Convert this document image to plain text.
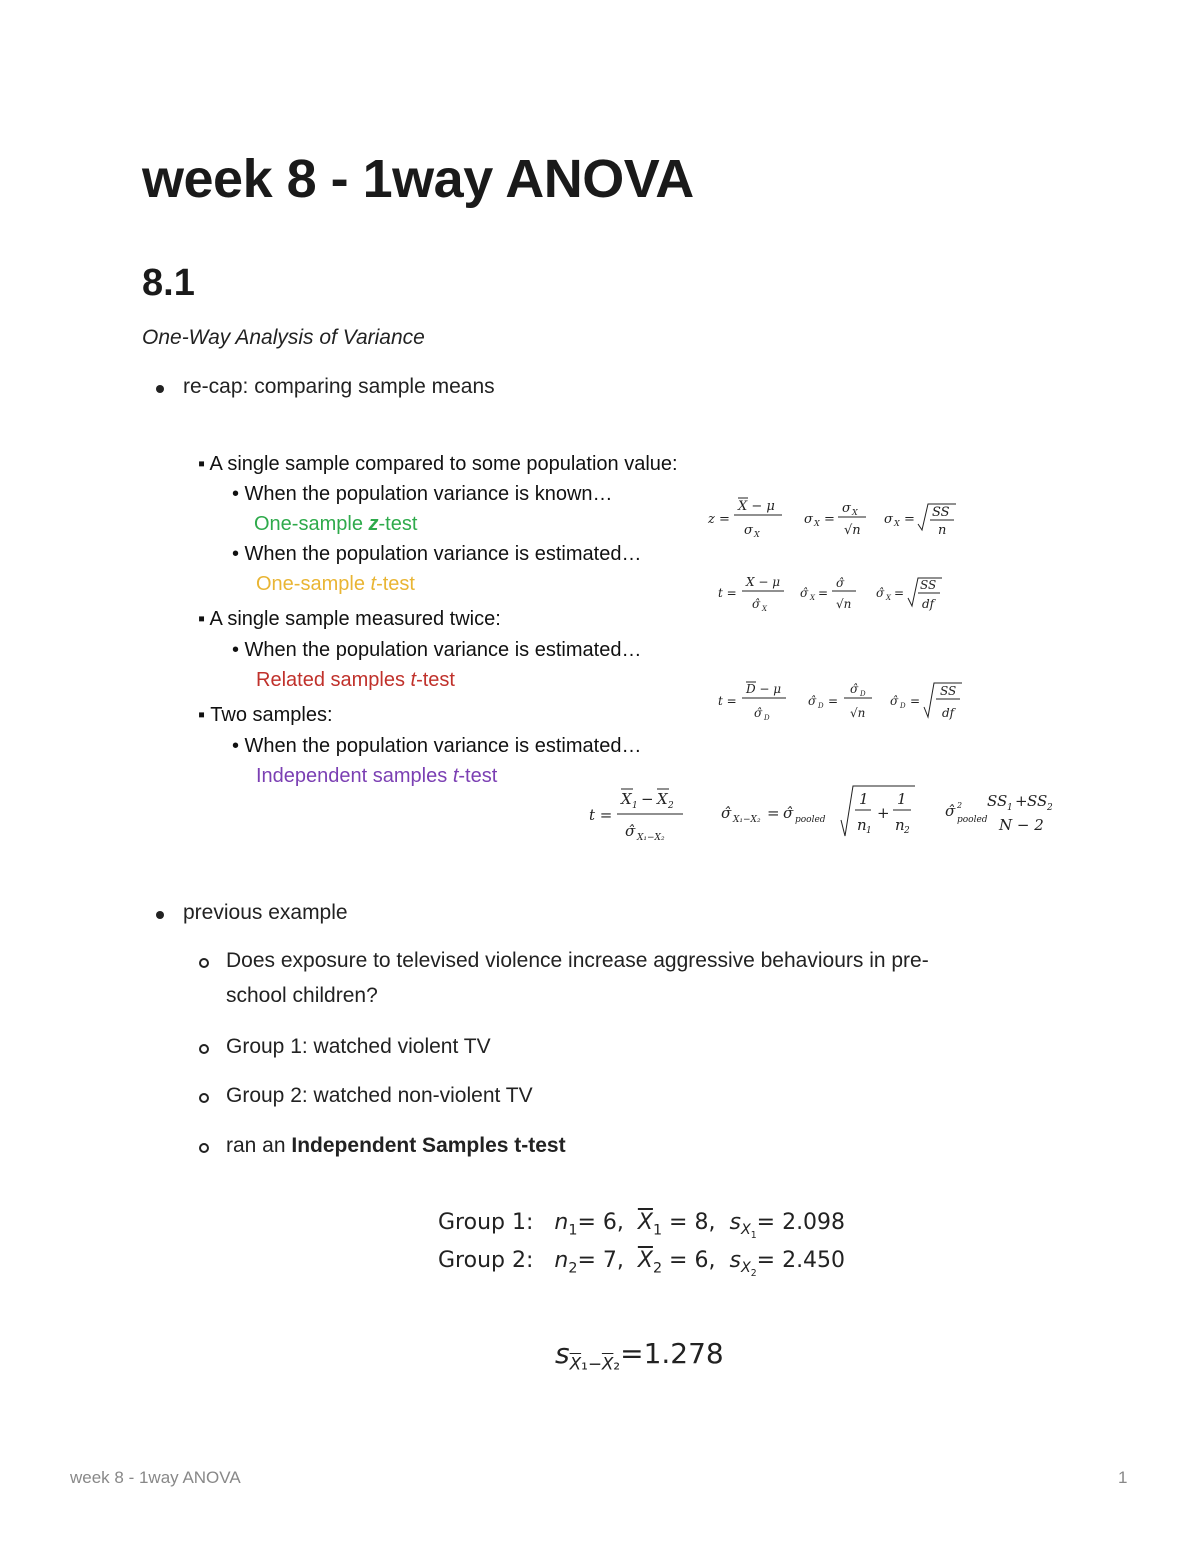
week 8 - 1way ANOVA
8.1
One-Way Analysis of Variance
re-cap: comparing sample means
▪ A single sample compared to some population value:
• When the population variance is known…
One-sample z-test
• When the population variance is estimated…
One-sample t-test
▪ A single sample measured twice:
• When the population variance is estimated…
Related samples t-test
▪ Two samples:
• When the population variance is estimated…
Independent samples t-test
z =
X − μ
σ X
σ X =
σ X
√n
σ X = SS
n
t =
X − μ
σ̂ X
σ̂ X =
σ̂
√n
σ̂ X =
SS
df
t =
D − μ
σ̂ D
σ̂ D =
σ̂ D
√n
σ̂ D =
SS
df
t =
X 1 − X 2
σ̂ X₁−X₂
σ̂ X₁−X₂ = σ̂ pooled
1
n 1
+
1
n 2
σ̂ 2
pooled
SS 1 + SS 2
N − 2
previous example
Does exposure to televised violence increase aggressive behaviours in pre-
school children?
Group 1: watched violent TV
Group 2: watched non-violent TV
ran an Independent Samples t-test
Group 1: $n_1= 6$, $\overline{X}_1 = 8$, $s_{X_1}= 2.098$
Group 2: $n_2= 7$, $\overline{X}_2 = 6$, $s_{X_2}= 2.450$
$s_{\overline{X}_1-\overline{X}_2}=1.278$
week 8 - 1way ANOVA	1
